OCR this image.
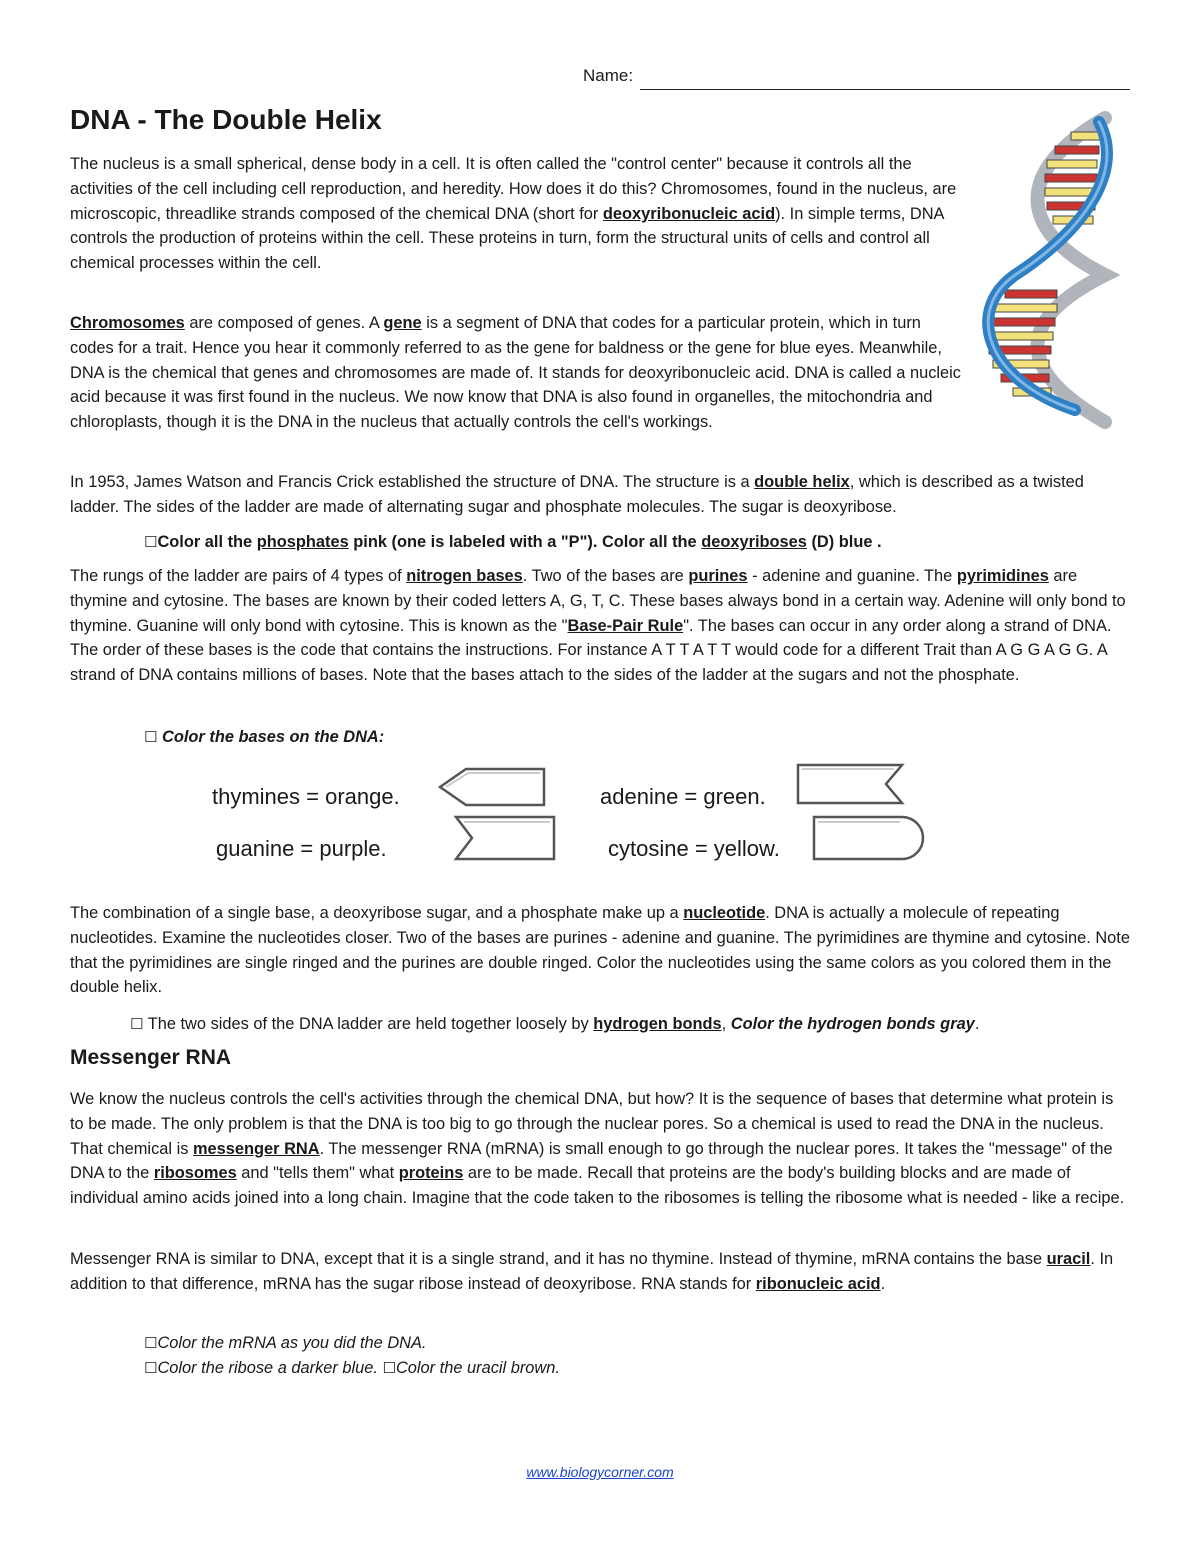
Name:
DNA - The Double Helix
The nucleus is a small spherical, dense body in a cell. It is often called the "control center" because it controls all the activities of the cell including cell reproduction, and heredity. How does it do this? Chromosomes, found in the nucleus, are microscopic, threadlike strands composed of the chemical DNA (short for deoxyribonucleic acid). In simple terms, DNA controls the production of proteins within the cell. These proteins in turn, form the structural units of cells and control all chemical processes within the cell.
Chromosomes are composed of genes. A gene is a segment of DNA that codes for a particular protein, which in turn codes for a trait. Hence you hear it commonly referred to as the gene for baldness or the gene for blue eyes. Meanwhile, DNA is the chemical that genes and chromosomes are made of. It stands for deoxyribonucleic acid. DNA is called a nucleic acid because it was first found in the nucleus. We now know that DNA is also found in organelles, the mitochondria and chloroplasts, though it is the DNA in the nucleus that actually controls the cell's workings.
In 1953, James Watson and Francis Crick established the structure of DNA. The structure is a double helix, which is described as a twisted ladder. The sides of the ladder are made of alternating sugar and phosphate molecules. The sugar is deoxyribose.
☐Color all the phosphates pink (one is labeled with a "P"). Color all the deoxyriboses (D) blue .
The rungs of the ladder are pairs of 4 types of nitrogen bases. Two of the bases are purines - adenine and guanine. The pyrimidines are thymine and cytosine. The bases are known by their coded letters A, G, T, C. These bases always bond in a certain way. Adenine will only bond to thymine. Guanine will only bond with cytosine. This is known as the "Base-Pair Rule". The bases can occur in any order along a strand of DNA. The order of these bases is the code that contains the instructions. For instance A T T A T T would code for a different Trait than A G G A G G. A strand of DNA contains millions of bases. Note that the bases attach to the sides of the ladder at the sugars and not the phosphate.
☐ Color the bases on the DNA:
thymines = orange.	adenine = green.
guanine = purple.	cytosine = yellow.
The combination of a single base, a deoxyribose sugar, and a phosphate make up a nucleotide. DNA is actually a molecule of repeating nucleotides. Examine the nucleotides closer. Two of the bases are purines - adenine and guanine. The pyrimidines are thymine and cytosine. Note that the pyrimidines are single ringed and the purines are double ringed. Color the nucleotides using the same colors as you colored them in the double helix.
☐ The two sides of the DNA ladder are held together loosely by hydrogen bonds, Color the hydrogen bonds gray.
Messenger RNA
We know the nucleus controls the cell's activities through the chemical DNA, but how? It is the sequence of bases that determine what protein is to be made. The only problem is that the DNA is too big to go through the nuclear pores. So a chemical is used to read the DNA in the nucleus. That chemical is messenger RNA. The messenger RNA (mRNA) is small enough to go through the nuclear pores. It takes the "message" of the DNA to the ribosomes and "tells them" what proteins are to be made. Recall that proteins are the body's building blocks and are made of individual amino acids joined into a long chain. Imagine that the code taken to the ribosomes is telling the ribosome what is needed - like a recipe.
Messenger RNA is similar to DNA, except that it is a single strand, and it has no thymine. Instead of thymine, mRNA contains the base uracil. In addition to that difference, mRNA has the sugar ribose instead of deoxyribose. RNA stands for ribonucleic acid.
☐Color the mRNA as you did the DNA.
☐Color the ribose a darker blue. ☐Color the uracil brown.
www.biologycorner.com
